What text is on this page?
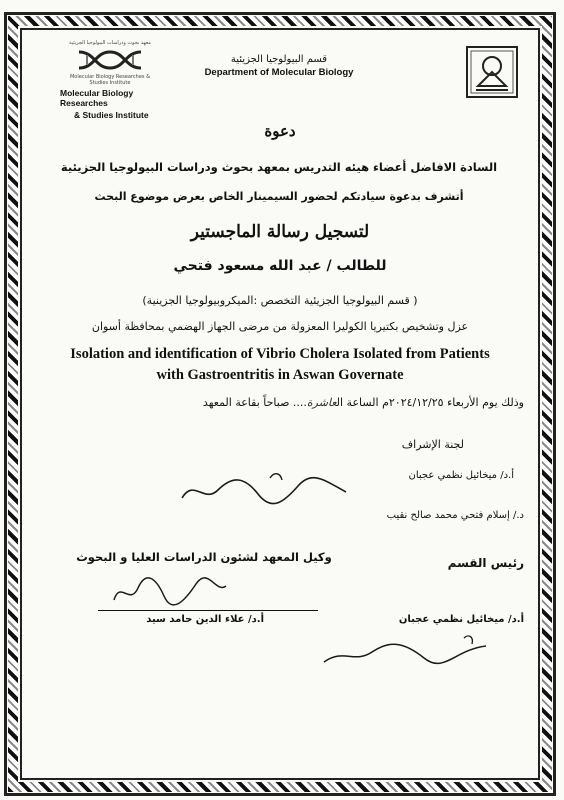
معهد بحوث ودراسات البيولوجيا الجزيئية
Molecular Biology Researches & Studies Institute
Molecular Biology Researches
& Studies Institute
قسم البيولوجيا الجزيئية
Department of Molecular Biology
دعوة
السادة الافاضل أعضاء هيئه التدريس بمعهد بحوث ودراسات البيولوجيا الجزيئية
أتشرف بدعوة سيادتكم لحضور السيمينار الخاص بعرض موضوع البحث
لتسجيل رسالة الماجستير
للطالب / عبد الله مسعود فتحي
( قسم البيولوجيا الجزيئية التخصص :الميكروبيولوجيا الجزينية)
عزل وتشخيص بكتيريا الكوليرا المعزولة من مرضى الجهاز الهضمي بمحافظة أسوان
Isolation and identification of Vibrio Cholera Isolated from Patients
with Gastroentritis in Aswan Governate
وذلك يوم الأربعاء ٢٠٢٤/١٢/٢٥م الساعة العاشرة.... صباحاً بقاعة المعهد
لجنة الإشراف
أ.د/ ميخائيل نظمي عجبان
د./ إسلام فتحي محمد صالح نقيب
رئيس القسم
وكيل المعهد لشئون الدراسات العليا و البحوث
أ.د/ علاء الدين حامد سيد	أ.د/ ميخائيل نظمي عجبان
